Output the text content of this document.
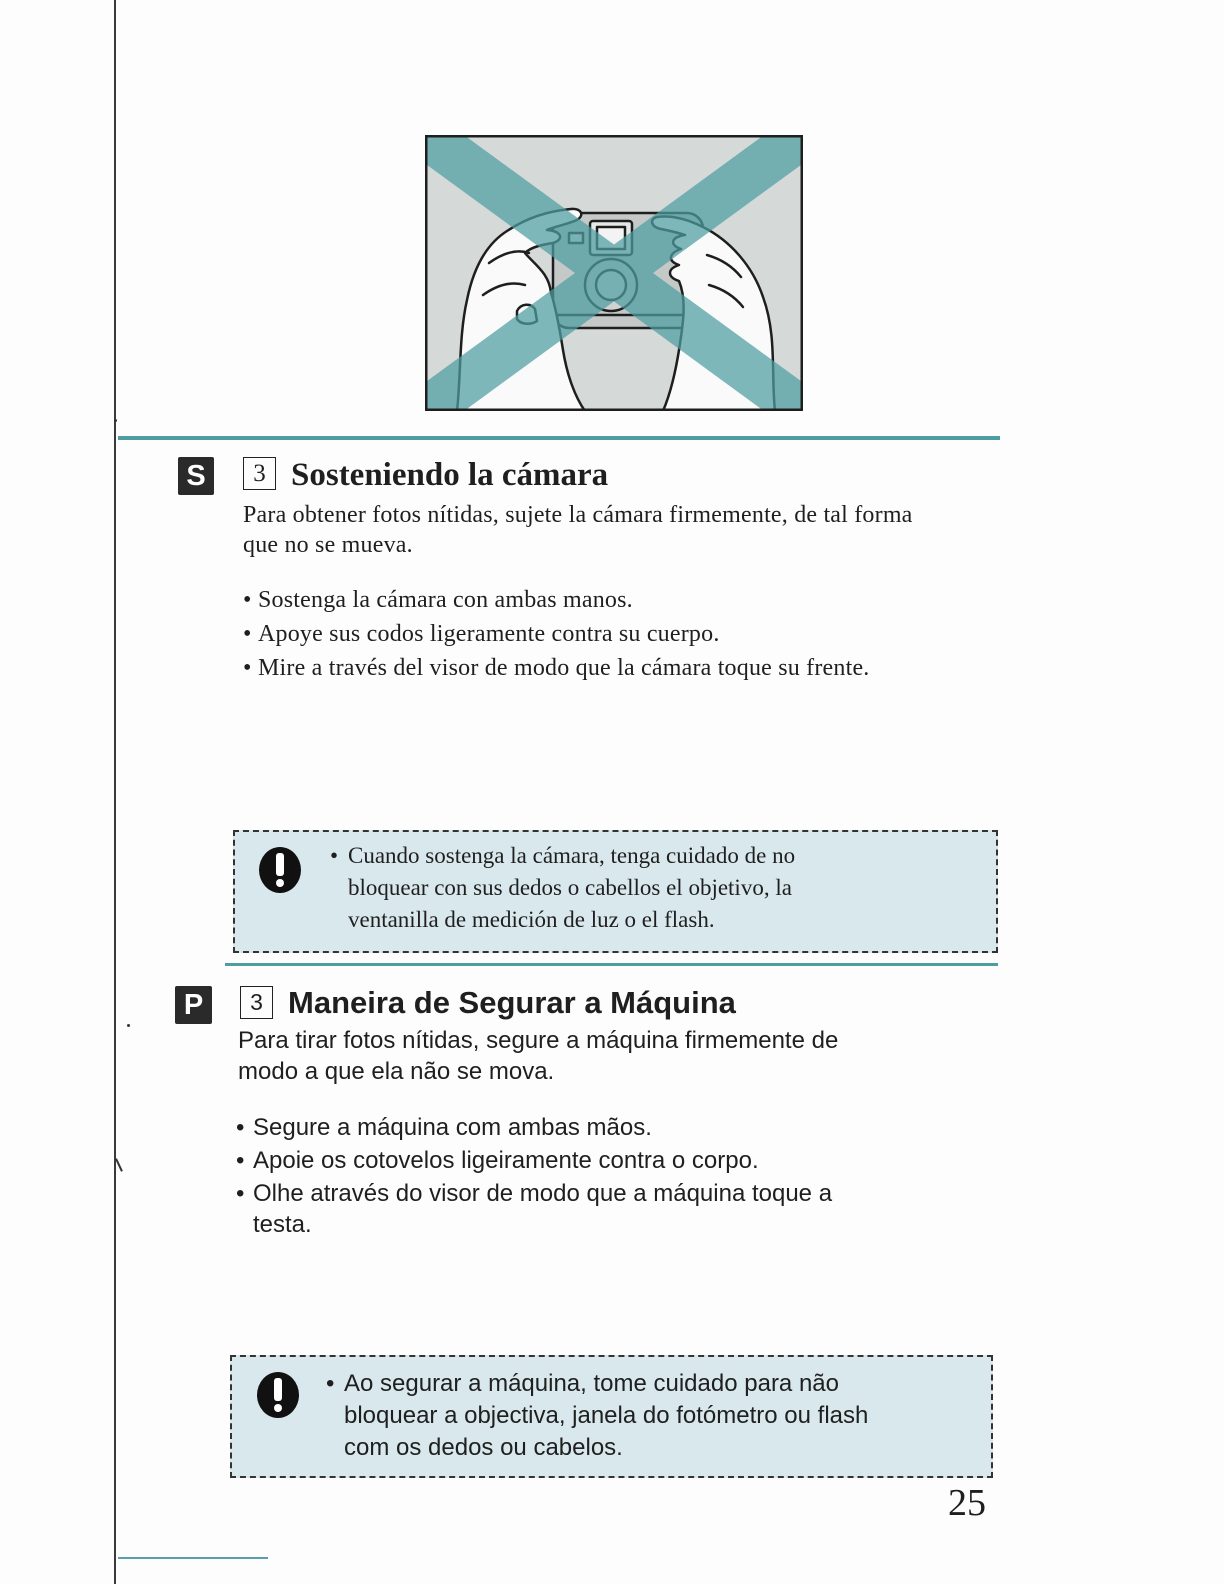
S	3 Sosteniendo la cámara
Para obtener fotos nítidas, sujete la cámara firmemente, de tal forma
que no se mueva.
• Sostenga la cámara con ambas manos.
• Apoye sus codos ligeramente contra su cuerpo.
• Mire a través del visor de modo que la cámara toque su frente.
• Cuando sostenga la cámara, tenga cuidado de no
bloquear con sus dedos o cabellos el objetivo, la
ventanilla de medición de luz o el flash.
P	3 Maneira de Segurar a Máquina
Para tirar fotos nítidas, segure a máquina firmemente de
modo a que ela não se mova.
• Segure a máquina com ambas mãos.
• Apoie os cotovelos ligeiramente contra o corpo.
• Olhe através do visor de modo que a máquina toque a
testa.
• Ao segurar a máquina, tome cuidado para não
bloquear a objectiva, janela do fotómetro ou flash
com os dedos ou cabelos.
25
